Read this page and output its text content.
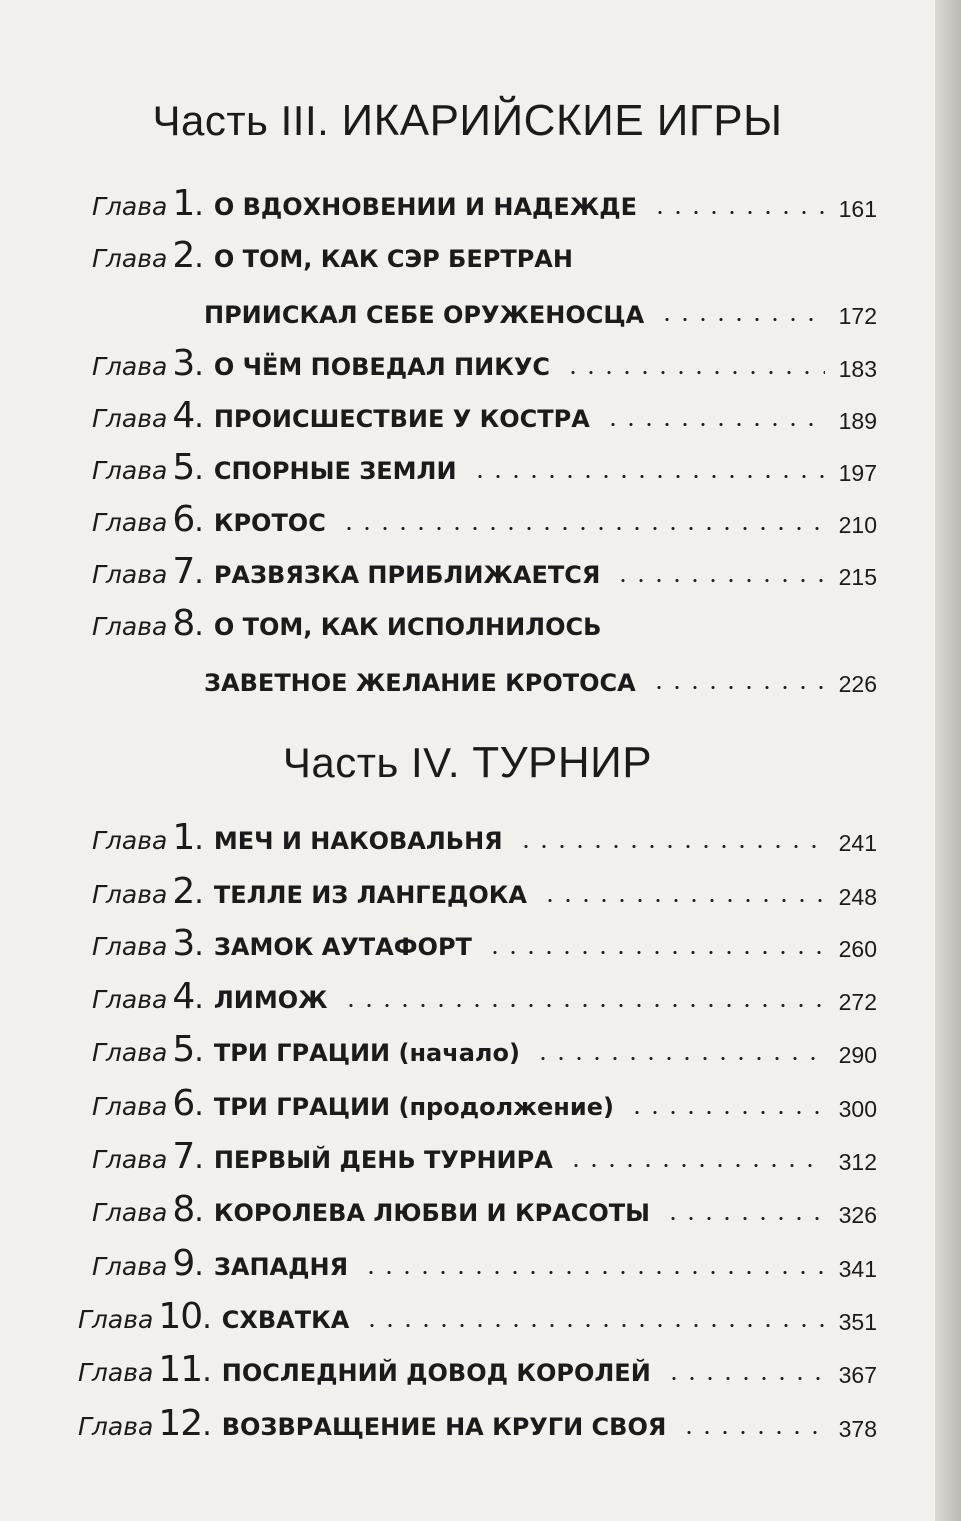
Часть III. ИКАРИЙСКИЕ ИГРЫ
Глава 1. О ВДОХНОВЕНИИ И НАДЕЖДЕ	161
Глава 2. О ТОМ, КАК СЭР БЕРТРАН
ПРИИСКАЛ СЕБЕ ОРУЖЕНОСЦА	172
Глава 3. О ЧЁМ ПОВЕДАЛ ПИКУС	183
Глава 4. ПРОИСШЕСТВИЕ У КОСТРА	189
Глава 5. СПОРНЫЕ ЗЕМЛИ	197
Глава 6. КРОТОС	210
Глава 7. РАЗВЯЗКА ПРИБЛИЖАЕТСЯ	215
Глава 8. О ТОМ, КАК ИСПОЛНИЛОСЬ
ЗАВЕТНОЕ ЖЕЛАНИЕ КРОТОСА	226
Часть IV. ТУРНИР
Глава 1. МЕЧ И НАКОВАЛЬНЯ	241
Глава 2. ТЕЛЛЕ ИЗ ЛАНГЕДОКА	248
Глава 3. ЗАМОК АУТАФОРТ	260
Глава 4. ЛИМОЖ	272
Глава 5. ТРИ ГРАЦИИ (начало)	290
Глава 6. ТРИ ГРАЦИИ (продолжение)	300
Глава 7. ПЕРВЫЙ ДЕНЬ ТУРНИРА	312
Глава 8. КОРОЛЕВА ЛЮБВИ И КРАСОТЫ	326
Глава 9. ЗАПАДНЯ	341
Глава 10. СХВАТКА	351
Глава 11. ПОСЛЕДНИЙ ДОВОД КОРОЛЕЙ	367
Глава 12. ВОЗВРАЩЕНИЕ НА КРУГИ СВОЯ	378
